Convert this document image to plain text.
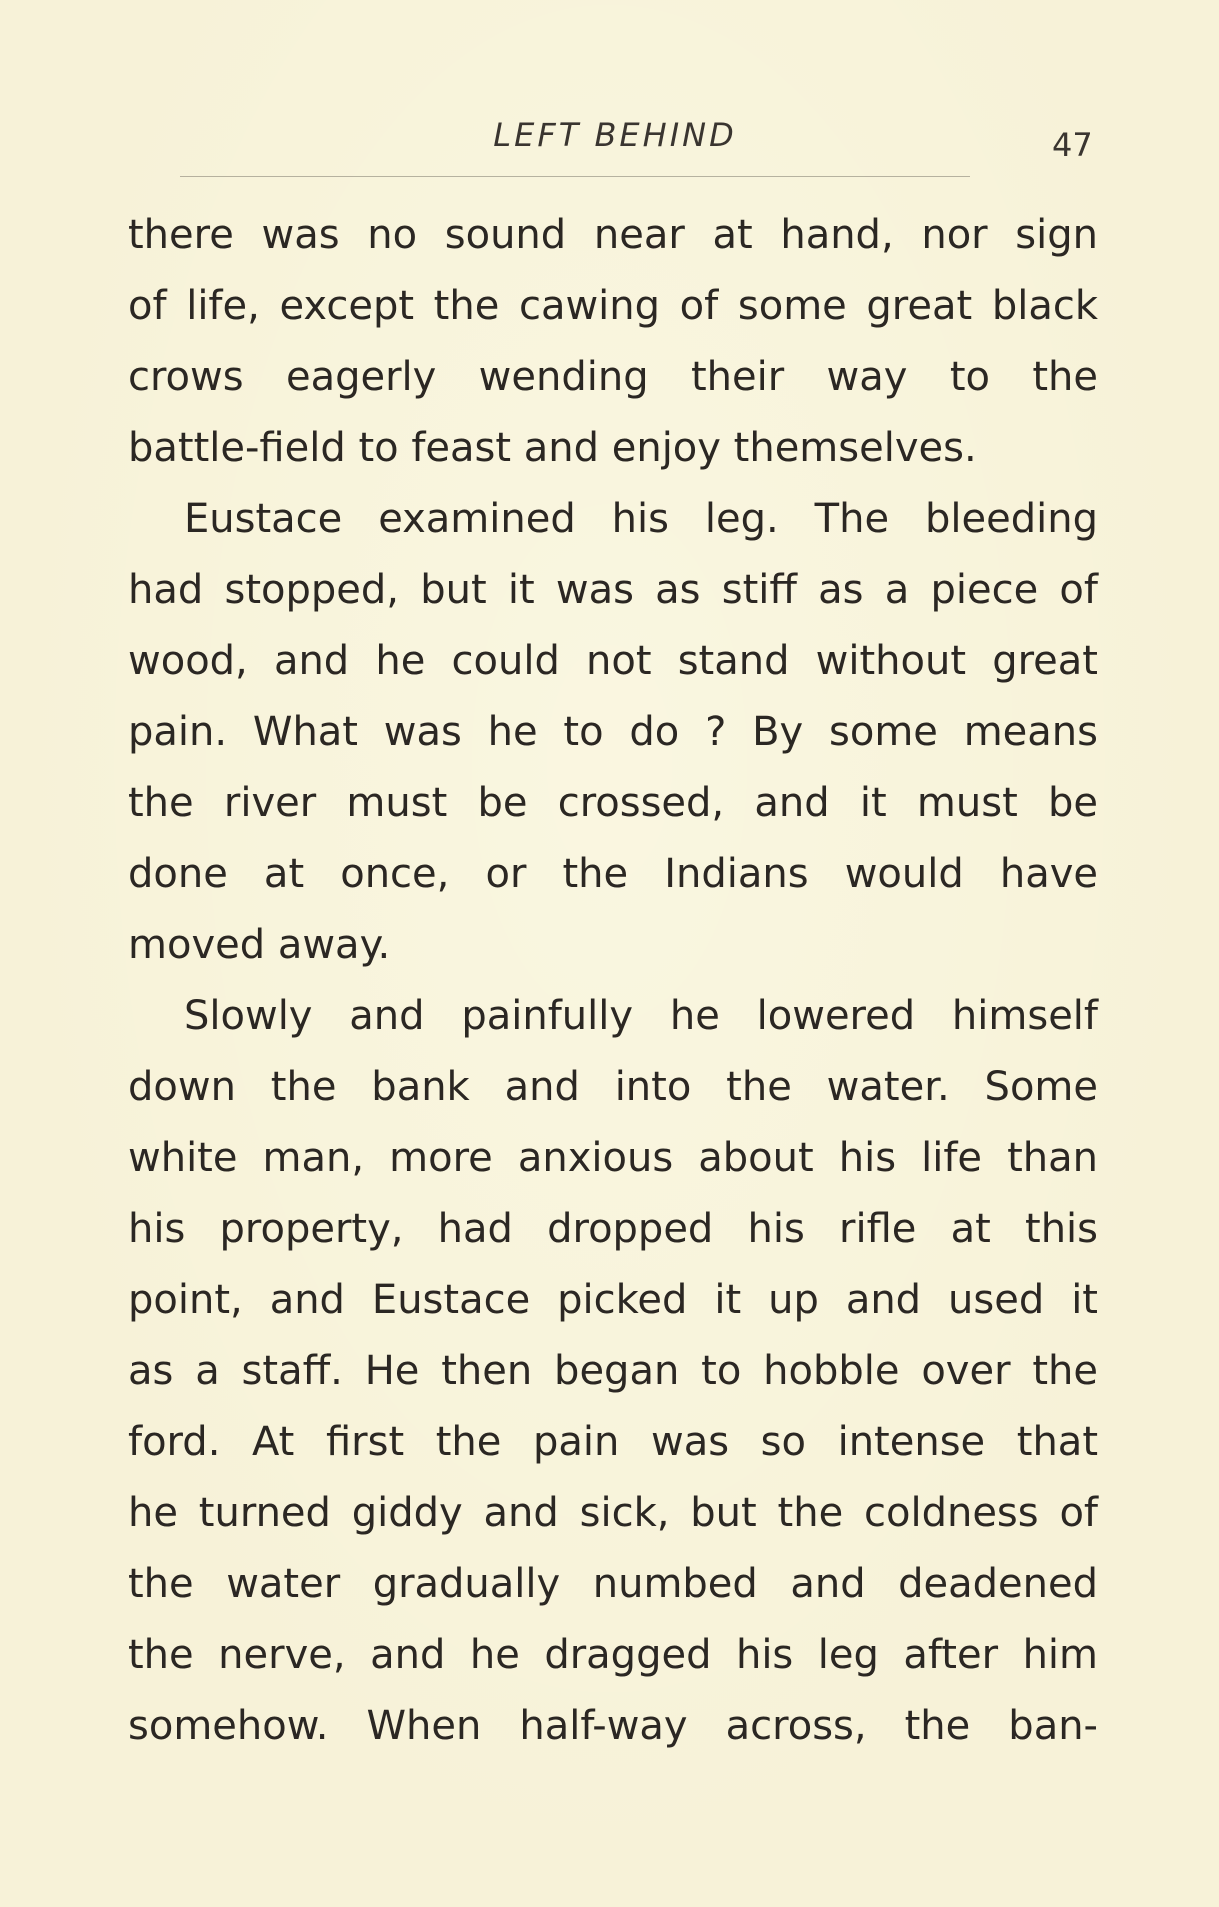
LEFT BEHIND	47
there was no sound near at hand, nor sign
of life, except the cawing of some great black
crows eagerly wending their way to the
battle-field to feast and enjoy themselves.
Eustace examined his leg. The bleeding
had stopped, but it was as stiff as a piece of
wood, and he could not stand without great
pain. What was he to do ? By some means
the river must be crossed, and it must be
done at once, or the Indians would have
moved away.
Slowly and painfully he lowered himself
down the bank and into the water. Some
white man, more anxious about his life than
his property, had dropped his rifle at this
point, and Eustace picked it up and used it
as a staff. He then began to hobble over the
ford. At first the pain was so intense that
he turned giddy and sick, but the coldness of
the water gradually numbed and deadened
the nerve, and he dragged his leg after him
somehow. When half-way across, the ban-
